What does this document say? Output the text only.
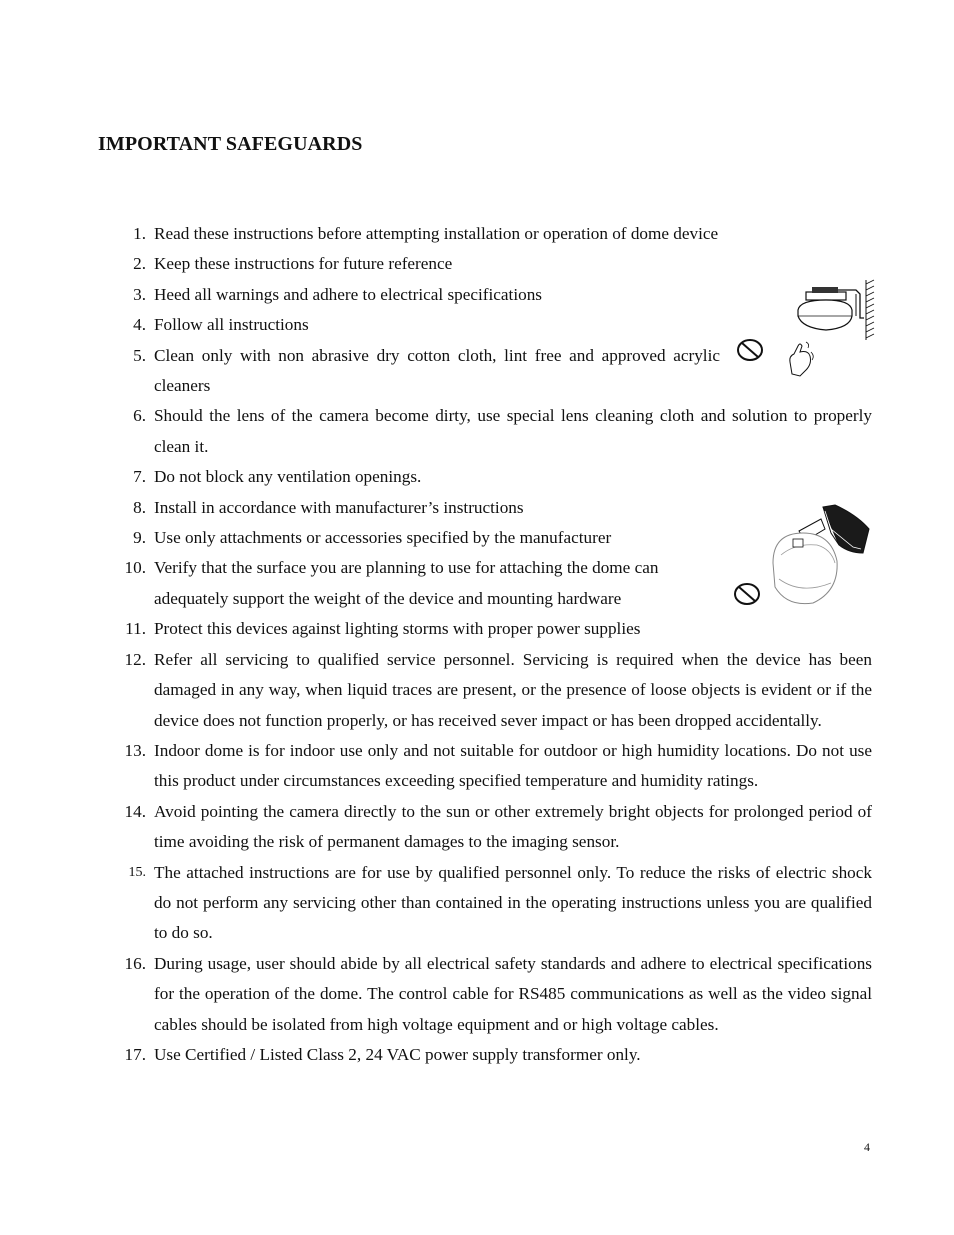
IMPORTANT SAFEGUARDS
1. Read these instructions before attempting installation or operation of dome device
2. Keep these instructions for future reference
3. Heed all warnings and adhere to electrical specifications
4. Follow all instructions
5. Clean only with non abrasive dry cotton cloth, lint free and approved acrylic cleaners
6. Should the lens of the camera become dirty, use special lens cleaning cloth and solution to properly clean it.
7. Do not block any ventilation openings.
8. Install in accordance with manufacturer’s instructions
9. Use only attachments or accessories specified by the manufacturer
10. Verify that the surface you are planning to use for attaching the dome can adequately support the weight of the device and mounting hardware
11. Protect this devices against lighting storms with proper power supplies
12. Refer all servicing to qualified service personnel. Servicing is required when the device has been damaged in any way, when liquid traces are present, or the presence of loose objects is evident or if the device does not function properly, or has received sever impact or has been dropped accidentally.
13. Indoor dome is for indoor use only and not suitable for outdoor or high humidity locations. Do not use this product under circumstances exceeding specified temperature and humidity ratings.
14. Avoid pointing the camera directly to the sun or other extremely bright objects for prolonged period of time avoiding the risk of permanent damages to the imaging sensor.
15. The attached instructions are for use by qualified personnel only. To reduce the risks of electric shock do not perform any servicing other than contained in the operating instructions unless you are qualified to do so.
16. During usage, user should abide by all electrical safety standards and adhere to electrical specifications for the operation of the dome. The control cable for RS485 communications as well as the video signal cables should be isolated from high voltage equipment and or high voltage cables.
17. Use Certified / Listed Class 2, 24 VAC power supply transformer only.
4
